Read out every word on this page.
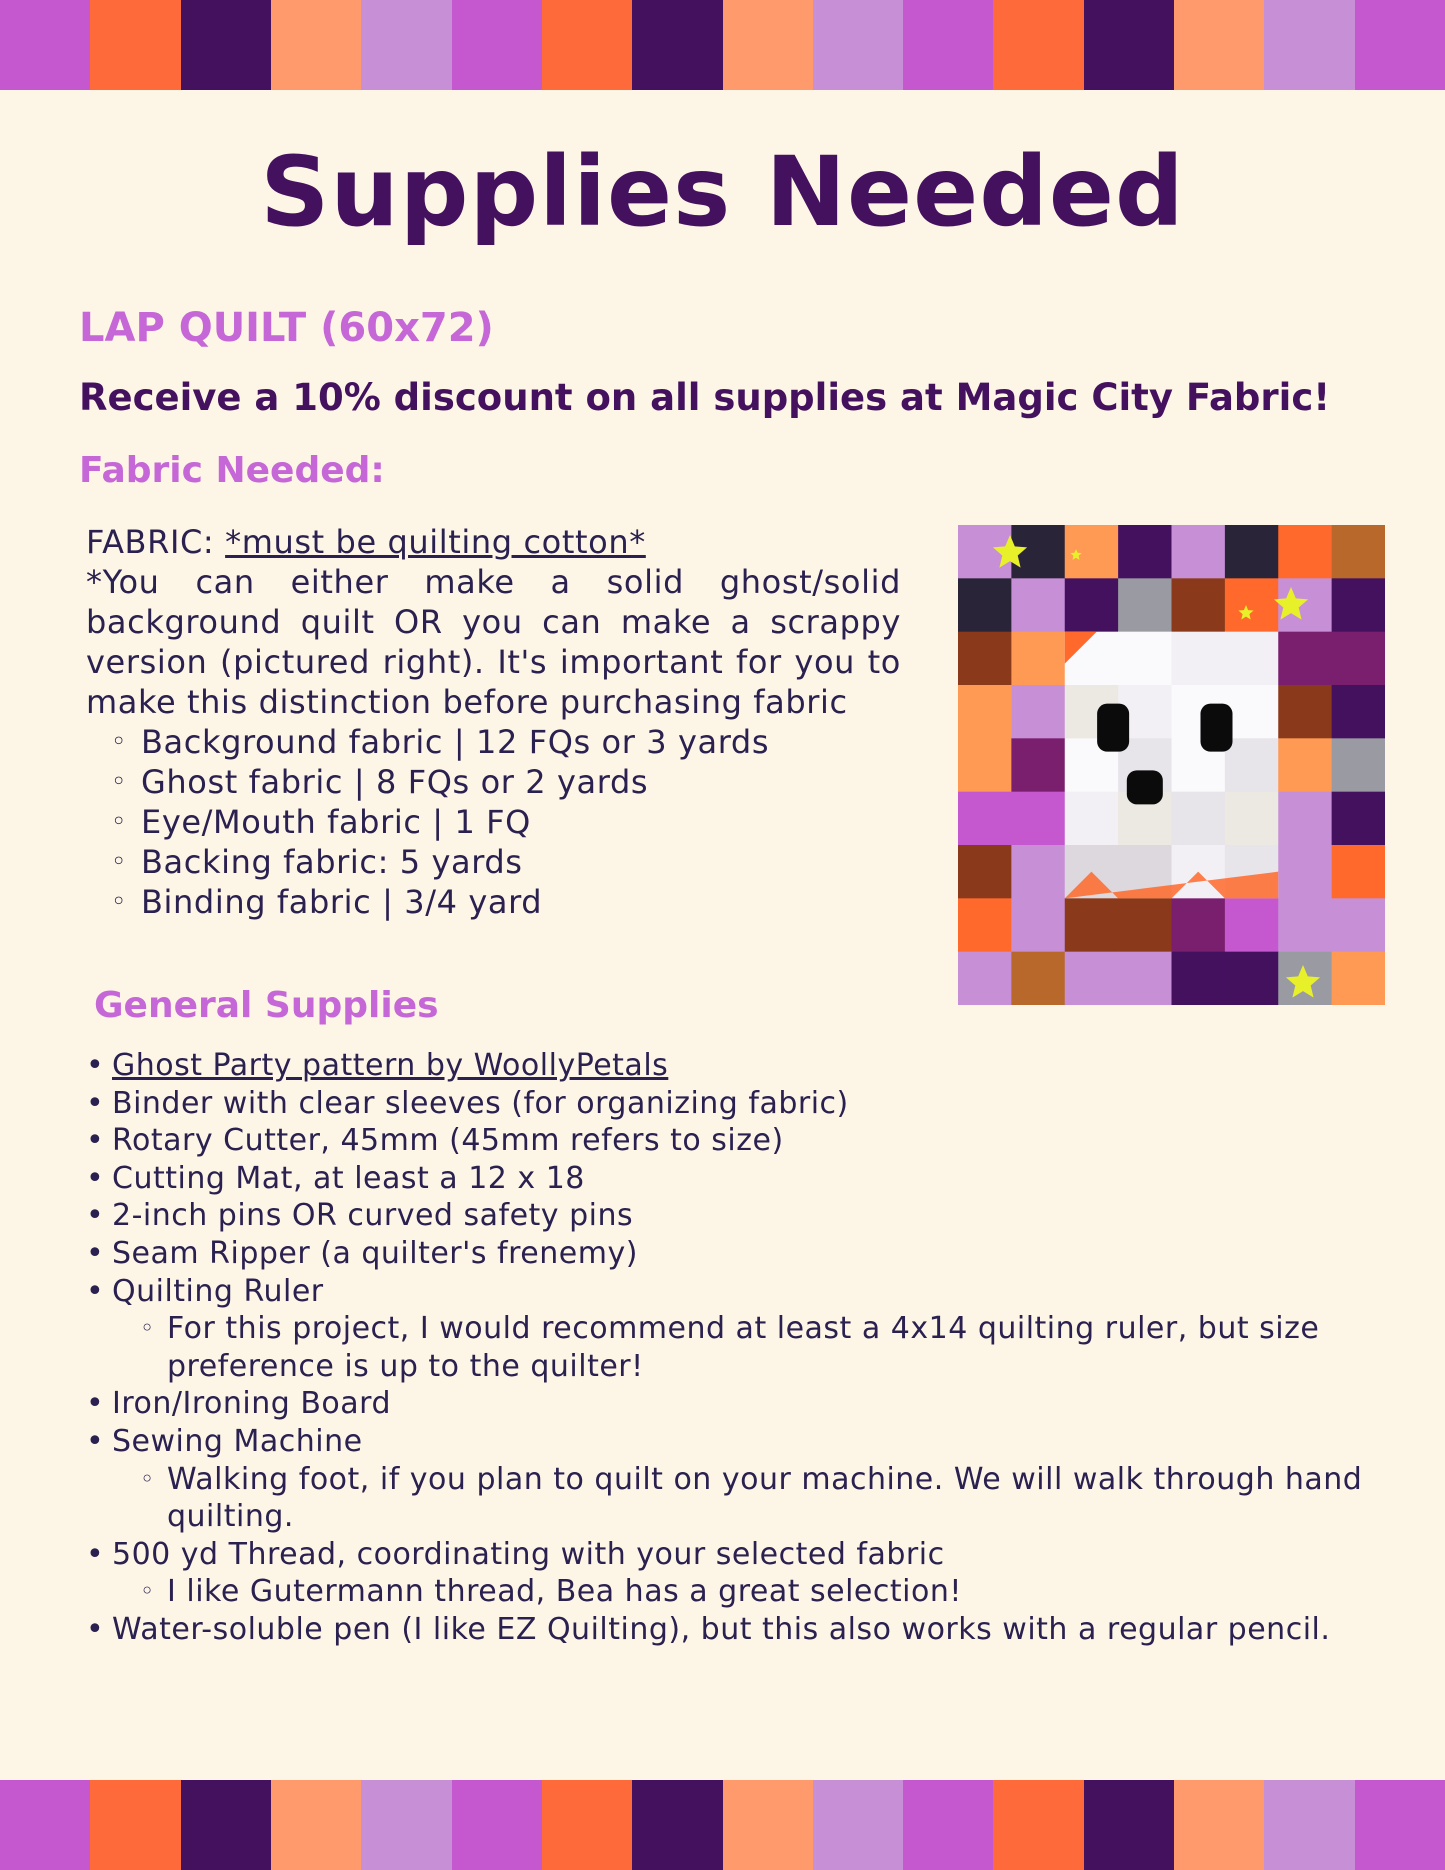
Supplies Needed
LAP QUILT (60x72)
Receive a 10% discount on all supplies at Magic City Fabric!
Fabric Needed:
FABRIC: *must be quilting cotton*

*You can either make a solid ghost/solid background quilt OR you can make a scrappy version (pictured right). It's important for you to make this distinction before purchasing fabric

◦ Background fabric | 12 FQs or 3 yards
◦ Ghost fabric | 8 FQs or 2 yards
◦ Eye/Mouth fabric | 1 FQ
◦ Backing fabric: 5 yards
◦ Binding fabric | 3/4 yard
General Supplies
• Ghost Party pattern by WoollyPetals
• Binder with clear sleeves (for organizing fabric)
• Rotary Cutter, 45mm (45mm refers to size)
• Cutting Mat, at least a 12 x 18
• 2-inch pins OR curved safety pins
• Seam Ripper (a quilter's frenemy)
• Quilting Ruler
◦ For this project, I would recommend at least a 4x14 quilting ruler, but size preference is up to the quilter!
• Iron/Ironing Board
• Sewing Machine
◦ Walking foot, if you plan to quilt on your machine. We will walk through hand quilting.
• 500 yd Thread, coordinating with your selected fabric
◦ I like Gutermann thread, Bea has a great selection!
• Water-soluble pen (I like EZ Quilting), but this also works with a regular pencil.
